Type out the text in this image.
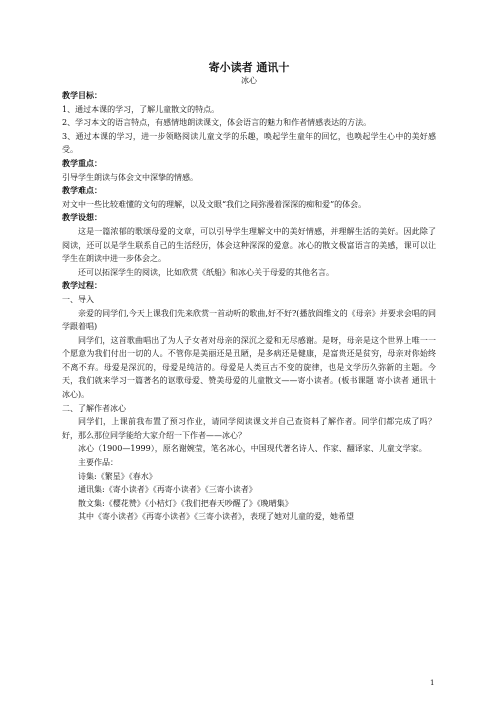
寄小读者 通讯十

冰心

教学目标：

1、通过本课的学习，了解儿童散文的特点。

2、学习本文的语言特点，有感情地朗读课文，体会语言的魅力和作者情感表达的方法。

3、通过本课的学习，进一步领略阅读儿童文学的乐趣，唤起学生童年的回忆，也唤起学生心中的美好感受。

教学重点：

引导学生朗读与体会文中深挚的情感。

教学难点：

对文中一些比较难懂的文句的理解，以及文眼“我们之间弥漫着深深的痴和爱”的体会。

教学设想：

这是一篇浓郁的歌颂母爱的文章，可以引导学生理解文中的美好情感，并理解生活的美好。因此除了阅读，还可以是学生联系自己的生活经历，体会这种深深的爱意。冰心的散文极富语言的美感，课可以让学生在朗读中进一步体会之。

还可以拓深学生的阅读，比如欣赏《纸船》和冰心关于母爱的其他名言。

教学过程：

一、导入

亲爱的同学们,今天上课我们先来欣赏一首动听的歌曲,好不好?(播放阎维文的《母亲》并要求会唱的同学跟着唱)

同学们，这首歌曲唱出了为人子女者对母亲的深沉之爱和无尽感谢。是呀，母亲是这个世界上唯一一个愿意为我们付出一切的人。不管你是美丽还是丑陋，是多病还是健康，是富贵还是贫穷，母亲对你始终不离不弃。母爱是深沉的，母爱是纯洁的。母爱是人类亘古不变的旋律，也是文学历久弥新的主题。今天，我们就来学习一篇著名的讴歌母爱、赞美母爱的儿童散文——寄小读者。(板书课题 寄小读者 通讯十 冰心)。

二、了解作者冰心

同学们，上课前我布置了预习作业，请同学阅读课文并自己查资料了解作者。同学们都完成了吗？好，那么那位同学能给大家介绍一下作者——冰心？

冰心（1900—1999），原名谢婉莹，笔名冰心，中国现代著名诗人、作家、翻译家、儿童文学家。

主要作品：

诗集:《繁星》《春水》

通讯集:《寄小读者》《再寄小读者》《三寄小读者》

散文集:《樱花赞》《小桔灯》《我们把春天吵醒了》《晚晴集》

其中《寄小读者》《再寄小读者》《三寄小读者》，表现了她对儿童的爱，她希望

1
